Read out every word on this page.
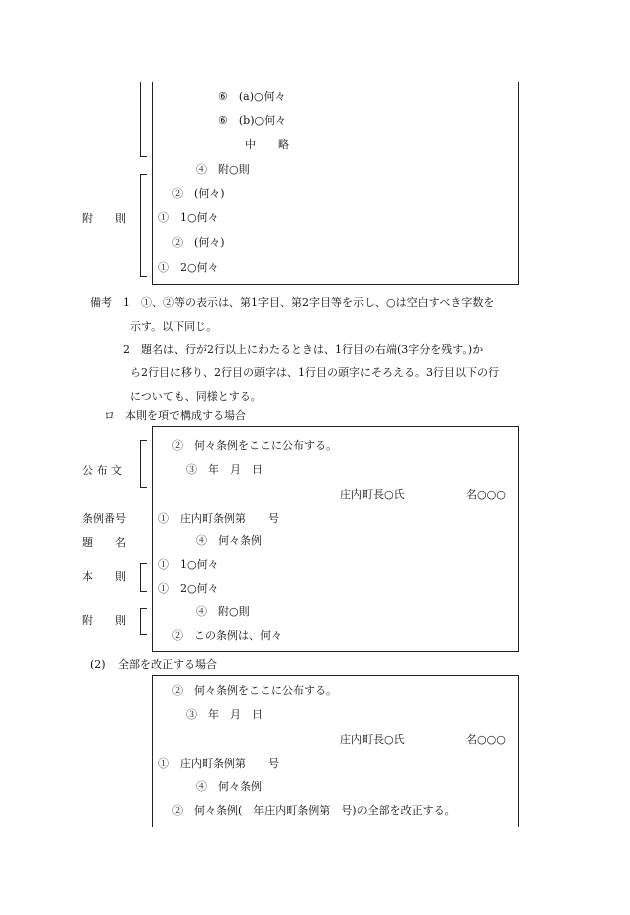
⑥　(a)○何々
⑥　(b)○何々
中　　略
附　　則
④　附○則
②　(何々)
①　1○何々
②　(何々)
①　2○何々
備考 1 ①、②等の表示は、第1字目、第2字目等を示し、○は空白すべき字数を
示す。以下同じ。
2 題名は、行が2行以上にわたるときは、1行目の右端(3字分を残す。)か
ら2行目に移り、2行目の頭字は、1行目の頭字にそろえる。3行目以下の行
についても、同様とする。
ロ 本則を項で構成する場合
公 布 文
条例番号
題　　名
本　　則
附　　則
②　何々条例をここに公布する。
③　年　月　日
庄内町長○氏	名○○○
①　庄内町条例第　　号
④　何々条例
①　1○何々
①　2○何々
④　附○則
②　この条例は、何々
(2) 全部を改正する場合
②　何々条例をここに公布する。
③　年　月　日
庄内町長○氏	名○○○
①　庄内町条例第　　号
④　何々条例
②　何々条例(　年庄内町条例第　号)の全部を改正する。
